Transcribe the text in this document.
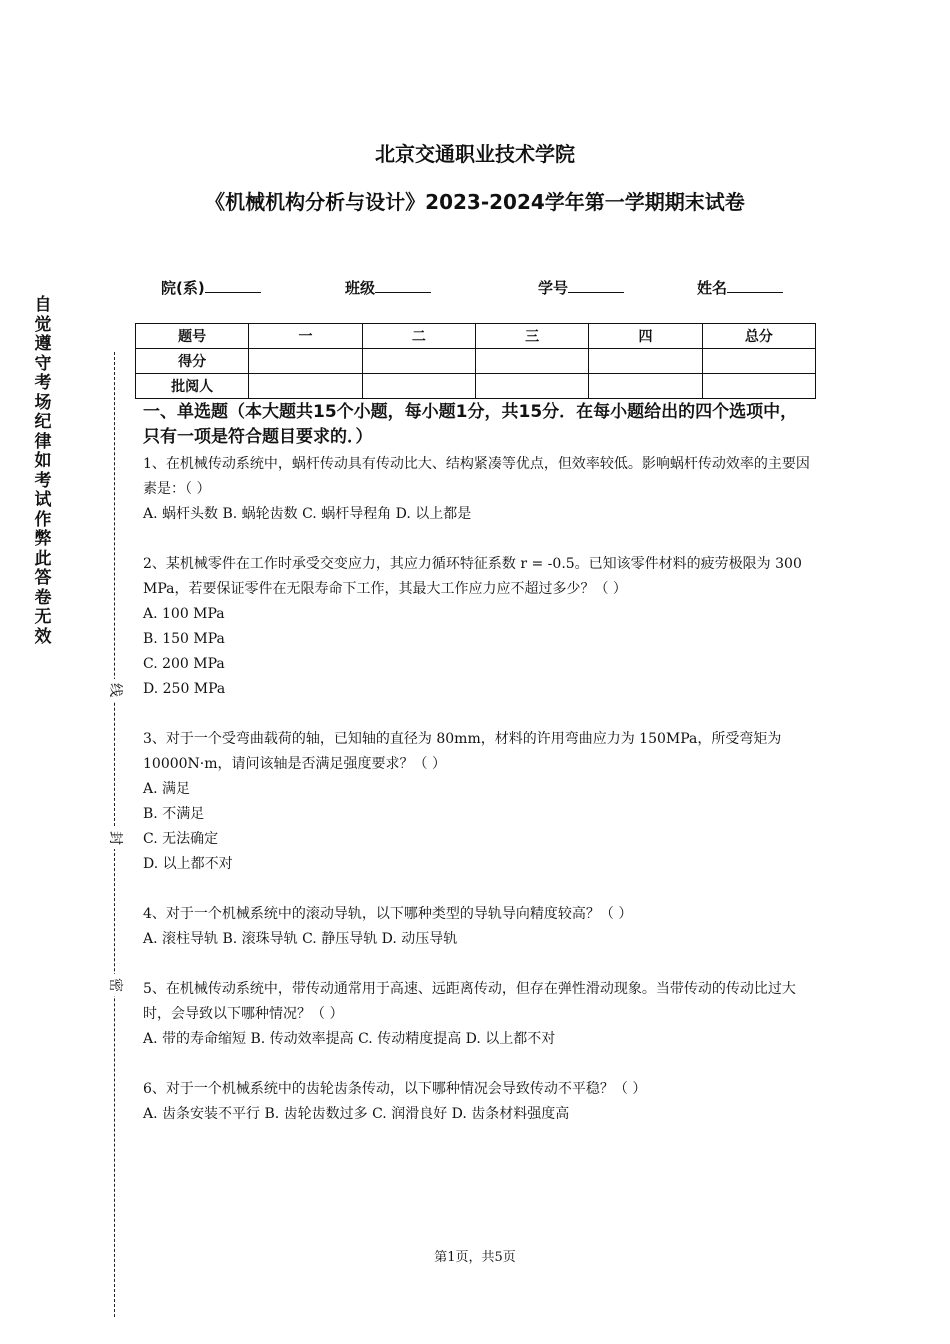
北京交通职业技术学院
《机械机构分析与设计》2023-2024学年第一学期期末试卷
院(系)	班级	学号	姓名
题号	一	二	三	四	总分
得分					
批阅人					
自觉遵守考场纪律如考试作弊此答卷无效
线
封
密
一、单选题（本大题共15个小题，每小题1分，共15分．在每小题给出的四个选项中，只有一项是符合题目要求的．）

1、在机械传动系统中，蜗杆传动具有传动比大、结构紧凑等优点，但效率较低。影响蜗杆传动效率的主要因素是：（ ）

A. 蜗杆头数 B. 蜗轮齿数 C. 蜗杆导程角 D. 以上都是

2、某机械零件在工作时承受交变应力，其应力循环特征系数 r = -0.5。已知该零件材料的疲劳极限为 300 MPa，若要保证零件在无限寿命下工作，其最大工作应力应不超过多少？（ ）

A. 100 MPa

B. 150 MPa

C. 200 MPa

D. 250 MPa

3、对于一个受弯曲载荷的轴，已知轴的直径为 80mm，材料的许用弯曲应力为 150MPa，所受弯矩为 10000N·m，请问该轴是否满足强度要求？（ ）

A. 满足

B. 不满足

C. 无法确定

D. 以上都不对

4、对于一个机械系统中的滚动导轨，以下哪种类型的导轨导向精度较高？（ ）

A. 滚柱导轨 B. 滚珠导轨 C. 静压导轨 D. 动压导轨

5、在机械传动系统中，带传动通常用于高速、远距离传动，但存在弹性滑动现象。当带传动的传动比过大时，会导致以下哪种情况？（ ）

A. 带的寿命缩短 B. 传动效率提高 C. 传动精度提高 D. 以上都不对

6、对于一个机械系统中的齿轮齿条传动，以下哪种情况会导致传动不平稳？（ ）

A. 齿条安装不平行 B. 齿轮齿数过多 C. 润滑良好 D. 齿条材料强度高

第1页，共5页
